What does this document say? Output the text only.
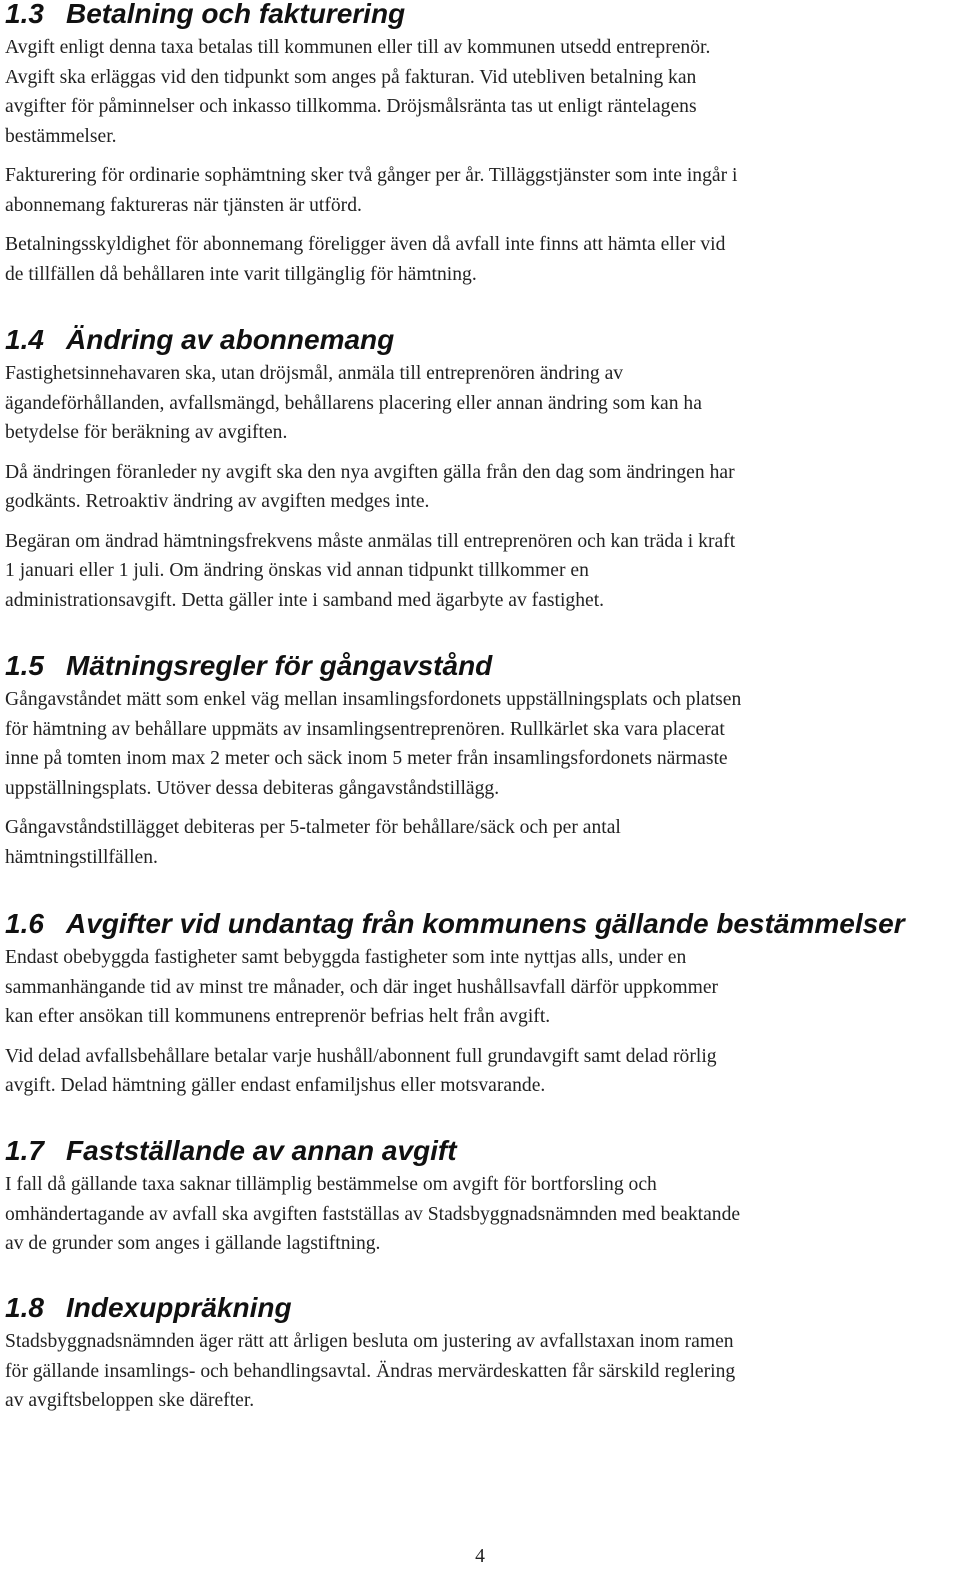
1.3 Betalning och fakturering

Avgift enligt denna taxa betalas till kommunen eller till av kommunen utsedd entreprenör.
Avgift ska erläggas vid den tidpunkt som anges på fakturan. Vid utebliven betalning kan
avgifter för påminnelser och inkasso tillkomma. Dröjsmålsränta tas ut enligt räntelagens
bestämmelser.

Fakturering för ordinarie sophämtning sker två gånger per år. Tilläggstjänster som inte ingår i
abonnemang faktureras när tjänsten är utförd.

Betalningsskyldighet för abonnemang föreligger även då avfall inte finns att hämta eller vid
de tillfällen då behållaren inte varit tillgänglig för hämtning.

1.4 Ändring av abonnemang

Fastighetsinnehavaren ska, utan dröjsmål, anmäla till entreprenören ändring av
ägandeförhållanden, avfallsmängd, behållarens placering eller annan ändring som kan ha
betydelse för beräkning av avgiften.

Då ändringen föranleder ny avgift ska den nya avgiften gälla från den dag som ändringen har
godkänts. Retroaktiv ändring av avgiften medges inte.

Begäran om ändrad hämtningsfrekvens måste anmälas till entreprenören och kan träda i kraft
1 januari eller 1 juli. Om ändring önskas vid annan tidpunkt tillkommer en
administrationsavgift. Detta gäller inte i samband med ägarbyte av fastighet.

1.5 Mätningsregler för gångavstånd

Gångavståndet mätt som enkel väg mellan insamlingsfordonets uppställningsplats och platsen
för hämtning av behållare uppmäts av insamlingsentreprenören. Rullkärlet ska vara placerat
inne på tomten inom max 2 meter och säck inom 5 meter från insamlingsfordonets närmaste
uppställningsplats. Utöver dessa debiteras gångavståndstillägg.

Gångavståndstillägget debiteras per 5-talmeter för behållare/säck och per antal
hämtningstillfällen.

1.6 Avgifter vid undantag från kommunens gällande bestämmelser

Endast obebyggda fastigheter samt bebyggda fastigheter som inte nyttjas alls, under en
sammanhängande tid av minst tre månader, och där inget hushållsavfall därför uppkommer
kan efter ansökan till kommunens entreprenör befrias helt från avgift.

Vid delad avfallsbehållare betalar varje hushåll/abonnent full grundavgift samt delad rörlig
avgift. Delad hämtning gäller endast enfamiljshus eller motsvarande.

1.7 Fastställande av annan avgift

I fall då gällande taxa saknar tillämplig bestämmelse om avgift för bortforsling och
omhändertagande av avfall ska avgiften fastställas av Stadsbyggnadsnämnden med beaktande
av de grunder som anges i gällande lagstiftning.

1.8 Indexuppräkning

Stadsbyggnadsnämnden äger rätt att årligen besluta om justering av avfallstaxan inom ramen
för gällande insamlings- och behandlingsavtal. Ändras mervärdeskatten får särskild reglering
av avgiftsbeloppen ske därefter.

4
